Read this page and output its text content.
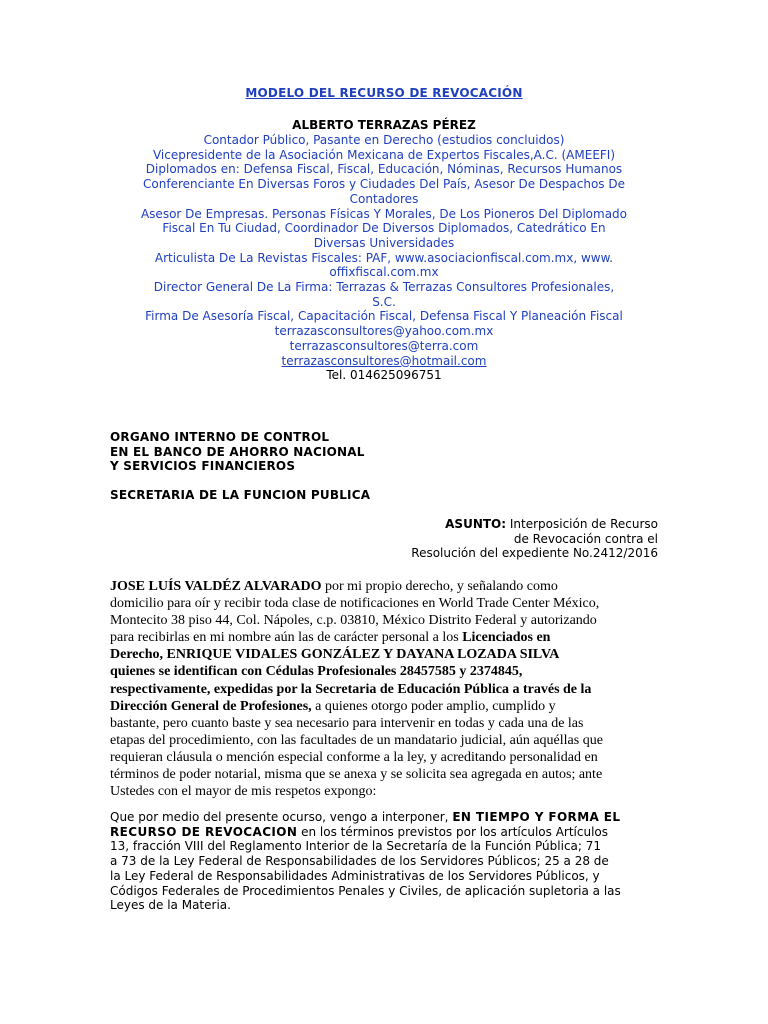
MODELO DEL RECURSO DE REVOCACIÓN
ALBERTO TERRAZAS PÉREZ
Contador Público, Pasante en Derecho (estudios concluidos)
Vicepresidente de la Asociación Mexicana de Expertos Fiscales,A.C. (AMEEFI)
Diplomados en: Defensa Fiscal, Fiscal, Educación, Nóminas, Recursos Humanos
Conferenciante En Diversas Foros y Ciudades Del País, Asesor De Despachos De
Contadores
Asesor De Empresas. Personas Físicas Y Morales, De Los Pioneros Del Diplomado
Fiscal En Tu Ciudad, Coordinador De Diversos Diplomados, Catedrático En
Diversas Universidades
Articulista De La Revistas Fiscales: PAF, www.asociacionfiscal.com.mx, www.
offixfiscal.com.mx
Director General De La Firma: Terrazas & Terrazas Consultores Profesionales,
S.C.
Firma De Asesoría Fiscal, Capacitación Fiscal, Defensa Fiscal Y Planeación Fiscal
terrazasconsultores@yahoo.com.mx
terrazasconsultores@terra.com
terrazasconsultores@hotmail.com
Tel. 014625096751
ORGANO INTERNO DE CONTROL
EN EL BANCO DE AHORRO NACIONAL
Y SERVICIOS FINANCIEROS
SECRETARIA DE LA FUNCION PUBLICA
ASUNTO: Interposición de Recurso
de Revocación contra el
Resolución del expediente No.2412/2016
JOSE LUÍS VALDÉZ ALVARADO por mi propio derecho, y señalando como
domicilio para oír y recibir toda clase de notificaciones en World Trade Center México,
Montecito 38 piso 44, Col. Nápoles, c.p. 03810, México Distrito Federal y autorizando
para recibirlas en mi nombre aún las de carácter personal a los Licenciados en
Derecho, ENRIQUE VIDALES GONZÁLEZ Y DAYANA LOZADA SILVA
quienes se identifican con Cédulas Profesionales 28457585 y 2374845,
respectivamente, expedidas por la Secretaria de Educación Pública a través de la
Dirección General de Profesiones, a quienes otorgo poder amplio, cumplido y
bastante, pero cuanto baste y sea necesario para intervenir en todas y cada una de las
etapas del procedimiento, con las facultades de un mandatario judicial, aún aquéllas que
requieran cláusula o mención especial conforme a la ley, y acreditando personalidad en
términos de poder notarial, misma que se anexa y se solicita sea agregada en autos; ante
Ustedes con el mayor de mis respetos expongo:
Que por medio del presente ocurso, vengo a interponer, EN TIEMPO Y FORMA EL
RECURSO DE REVOCACION en los términos previstos por los artículos Artículos
13, fracción VIII del Reglamento Interior de la Secretaría de la Función Pública; 71
a 73 de la Ley Federal de Responsabilidades de los Servidores Públicos; 25 a 28 de
la Ley Federal de Responsabilidades Administrativas de los Servidores Públicos, y
Códigos Federales de Procedimientos Penales y Civiles, de aplicación supletoria a las
Leyes de la Materia.
